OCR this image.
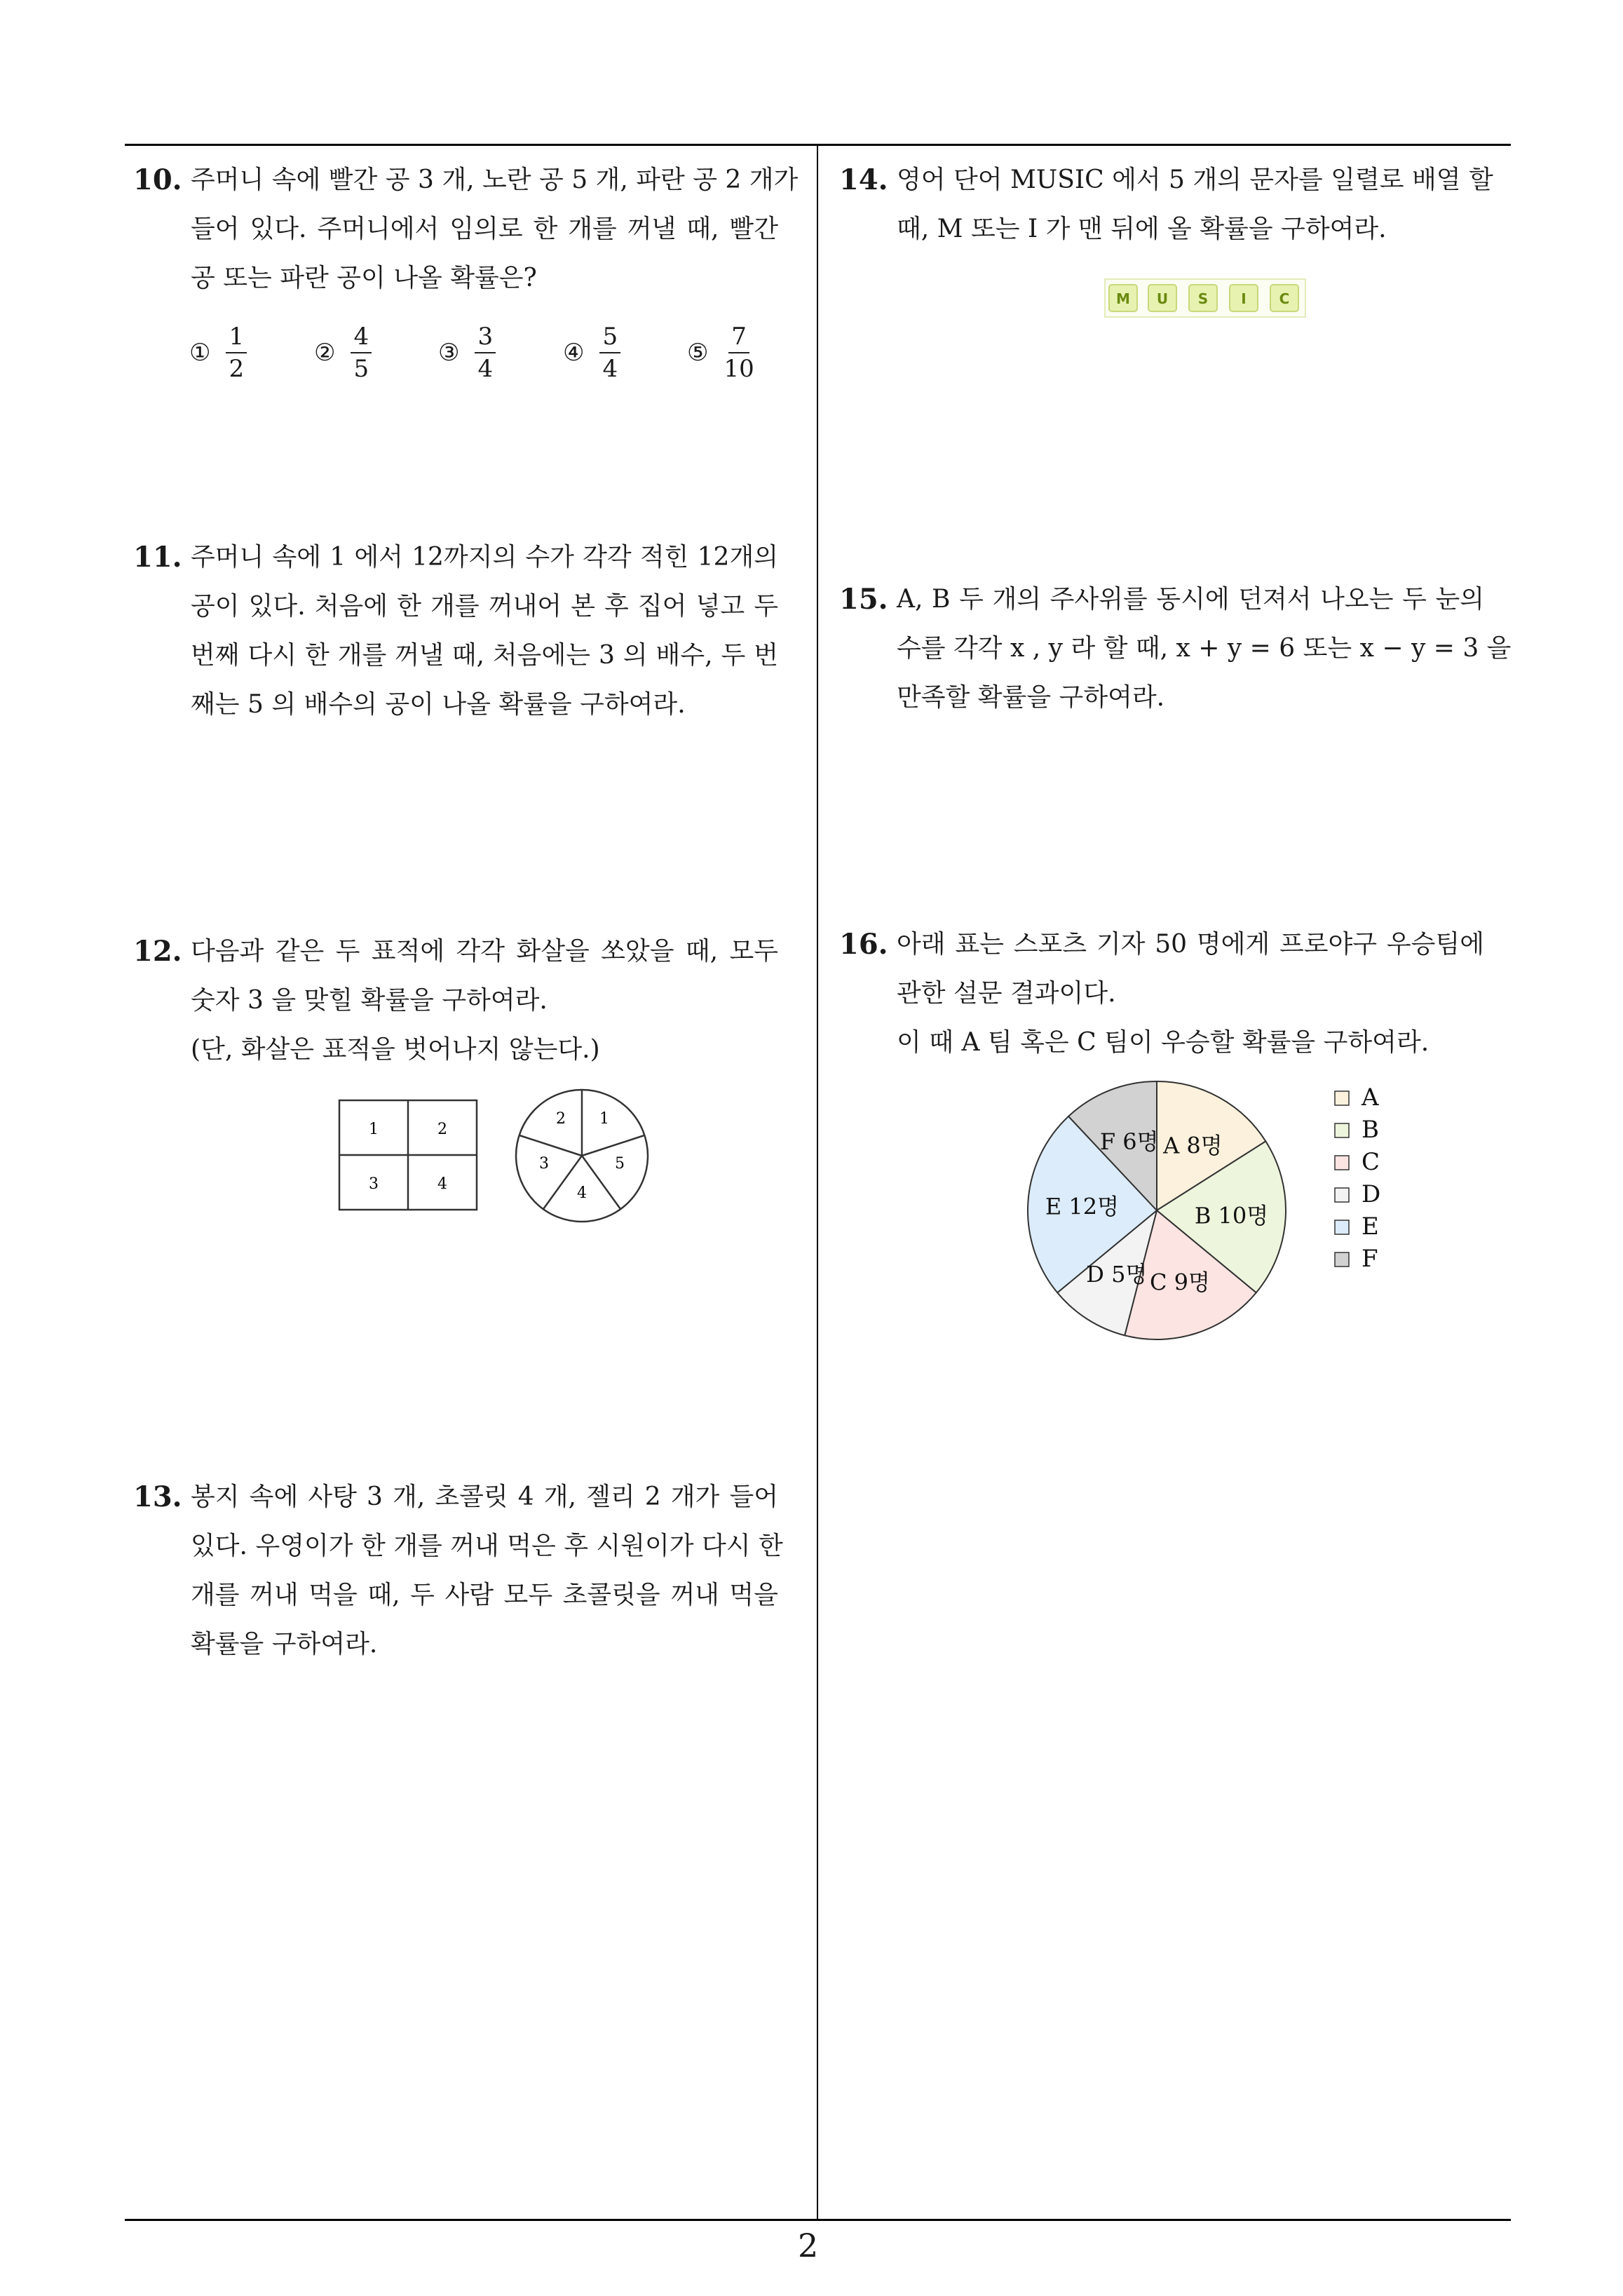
10. 주머니 속에 빨간 공 3 개, 노란 공 5 개, 파란 공 2 개가
들어 있다. 주머니에서 임의로 한 개를 꺼낼 때, 빨간
공 또는 파란 공이 나올 확률은?
① $\frac{1}{2}$	② $\frac{4}{5}$	③ $\frac{3}{4}$	④ $\frac{5}{4}$	⑤ $\frac{7}{10}$
11. 주머니 속에 1 에서 12까지의 수가 각각 적힌 12개의
공이 있다. 처음에 한 개를 꺼내어 본 후 집어 넣고 두
번째 다시 한 개를 꺼낼 때, 처음에는 3 의 배수, 두 번
째는 5 의 배수의 공이 나올 확률을 구하여라.
12. 다음과 같은 두 표적에 각각 화살을 쏘았을 때, 모두
숫자 3 을 맞힐 확률을 구하여라.
(단, 화살은 표적을 벗어나지 않는다.)
1	2
3	4
1
2
3
4
5
13. 봉지 속에 사탕 3 개, 초콜릿 4 개, 젤리 2 개가 들어
있다. 우영이가 한 개를 꺼내 먹은 후 시원이가 다시 한
개를 꺼내 먹을 때, 두 사람 모두 초콜릿을 꺼내 먹을
확률을 구하여라.
14. 영어 단어 MUSIC 에서 5 개의 문자를 일렬로 배열 할
때, M 또는 I 가 맨 뒤에 올 확률을 구하여라.
M U S I C
15. A, B 두 개의 주사위를 동시에 던져서 나오는 두 눈의
수를 각각 x , y 라 할 때, x + y = 6 또는 x − y = 3 을
만족할 확률을 구하여라.
16. 아래 표는 스포츠 기자 50 명에게 프로야구 우승팀에
관한 설문 결과이다.
이 때 A 팀 혹은 C 팀이 우승할 확률을 구하여라.
A 8명
B 10명
C 9명
D 5명
E 12명
F 6명
A
B
C
D
E
F
2
